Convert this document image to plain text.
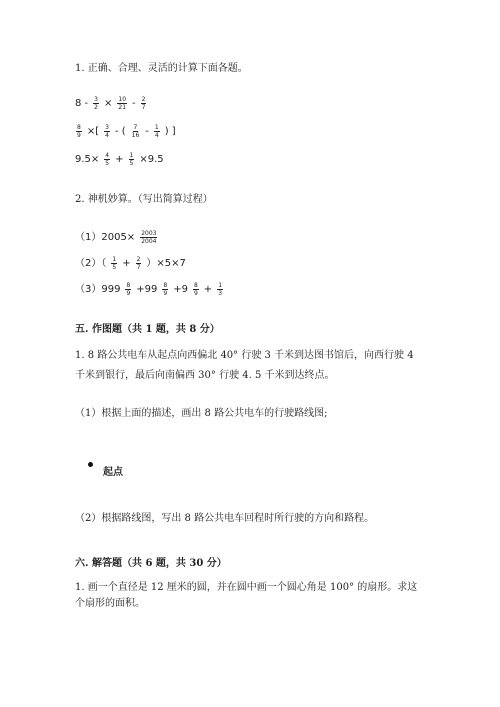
1. 正确、合理、灵活的计算下面各题。
$8 - \frac{3}{2} \times \frac{10}{21} - \frac{2}{7}$
$\frac{8}{9}$ ×[ $\frac{3}{4}$ - ( $\frac{7}{16} - \frac{1}{4}$ ) ]
$9.5\times \frac{4}{5} + \frac{1}{5} \times 9.5$
2. 神机妙算。（写出简算过程）
$(1)2005\times \frac{2003}{2004}$
$(2)( \frac{1}{5} + \frac{2}{7} )\times 5\times 7$
$(3)999 \frac{8}{9} +99 \frac{8}{9} +9 \frac{8}{9} + \frac{1}{3}$
五. 作图题（共 1 题，共 8 分）
1. 8 路公共电车从起点向西偏北 40° 行驶 3 千米到达图书馆后，向西行驶 4 千米到银行，最后向南偏西 30° 行驶 4. 5 千米到达终点。
（1）根据上面的描述，画出 8 路公共电车的行驶路线图;
起点
（2）根据路线图，写出 8 路公共电车回程时所行驶的方向和路程。
六. 解答题（共 6 题，共 30 分）
1. 画一个直径是 12 厘米的圆，并在圆中画一个圆心角是 100° 的扇形。求这个扇形的面积。
